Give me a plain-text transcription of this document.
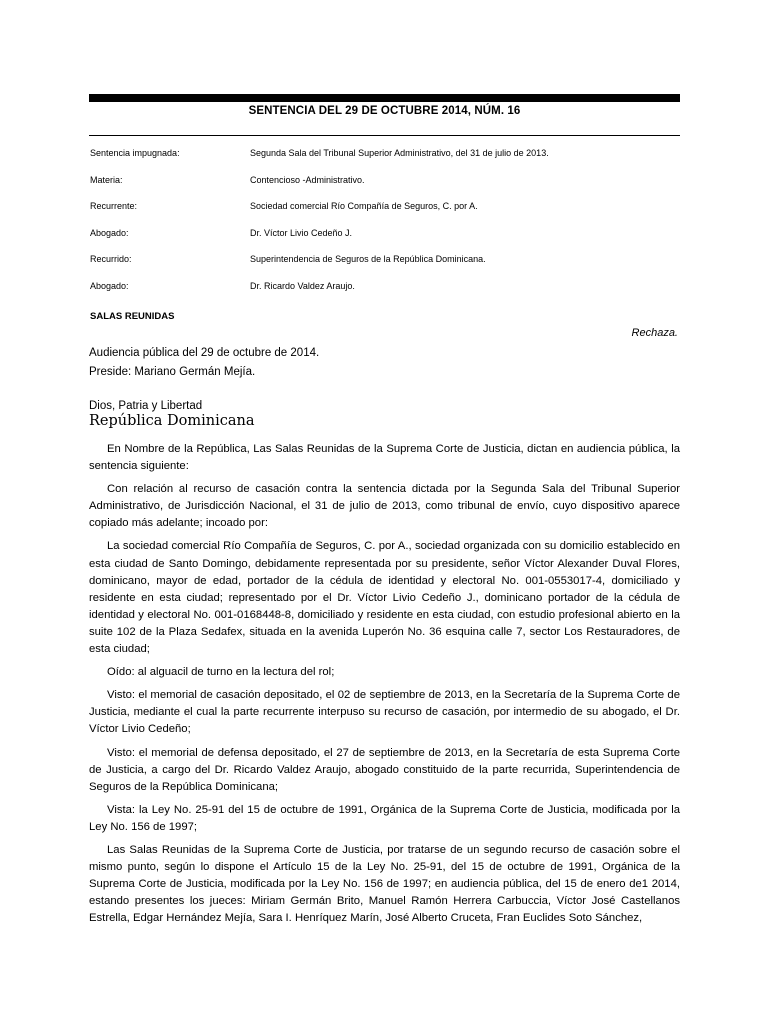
SENTENCIA DEL 29 DE OCTUBRE 2014, NÚM. 16
Sentencia impugnada:	Segunda Sala del Tribunal Superior Administrativo, del 31 de julio de 2013.
Materia:	Contencioso -Administrativo.
Recurrente:	Sociedad comercial Río Compañía de Seguros, C. por A.
Abogado:	Dr. Víctor Livio Cedeño J.
Recurrido:	Superintendencia de Seguros de la República Dominicana.
Abogado:	Dr. Ricardo Valdez Araujo.
SALAS REUNIDAS
Rechaza.
Audiencia pública del 29 de octubre de 2014.
Preside: Mariano Germán Mejía.
Dios, Patria y Libertad
República Dominicana

En Nombre de la República, Las Salas Reunidas de la Suprema Corte de Justicia, dictan en audiencia pública, la sentencia siguiente:

Con relación al recurso de casación contra la sentencia dictada por la Segunda Sala del Tribunal Superior Administrativo, de Jurisdicción Nacional, el 31 de julio de 2013, como tribunal de envío, cuyo dispositivo aparece copiado más adelante; incoado por:

La sociedad comercial Río Compañía de Seguros, C. por A., sociedad organizada con su domicilio establecido en esta ciudad de Santo Domingo, debidamente representada por su presidente, señor Víctor Alexander Duval Flores, dominicano, mayor de edad, portador de la cédula de identidad y electoral No. 001-0553017-4, domiciliado y residente en esta ciudad; representado por el Dr. Víctor Livio Cedeño J., dominicano portador de la cédula de identidad y electoral No. 001-0168448-8, domiciliado y residente en esta ciudad, con estudio profesional abierto en la suite 102 de la Plaza Sedafex, situada en la avenida Luperón No. 36 esquina calle 7, sector Los Restauradores, de esta ciudad;

Oído: al alguacil de turno en la lectura del rol;

Visto: el memorial de casación depositado, el 02 de septiembre de 2013, en la Secretaría de la Suprema Corte de Justicia, mediante el cual la parte recurrente interpuso su recurso de casación, por intermedio de su abogado, el Dr. Víctor Livio Cedeño;

Visto: el memorial de defensa depositado, el 27 de septiembre de 2013, en la Secretaría de esta Suprema Corte de Justicia, a cargo del Dr. Ricardo Valdez Araujo, abogado constituido de la parte recurrida, Superintendencia de Seguros de la República Dominicana;

Vista: la Ley No. 25-91 del 15 de octubre de 1991, Orgánica de la Suprema Corte de Justicia, modificada por la Ley No. 156 de 1997;

Las Salas Reunidas de la Suprema Corte de Justicia, por tratarse de un segundo recurso de casación sobre el mismo punto, según lo dispone el Artículo 15 de la Ley No. 25-91, del 15 de octubre de 1991, Orgánica de la Suprema Corte de Justicia, modificada por la Ley No. 156 de 1997; en audiencia pública, del 15 de enero de1 2014, estando presentes los jueces: Miriam Germán Brito, Manuel Ramón Herrera Carbuccia, Víctor José Castellanos Estrella, Edgar Hernández Mejía, Sara I. Henríquez Marín, José Alberto Cruceta, Fran Euclides Soto Sánchez,
